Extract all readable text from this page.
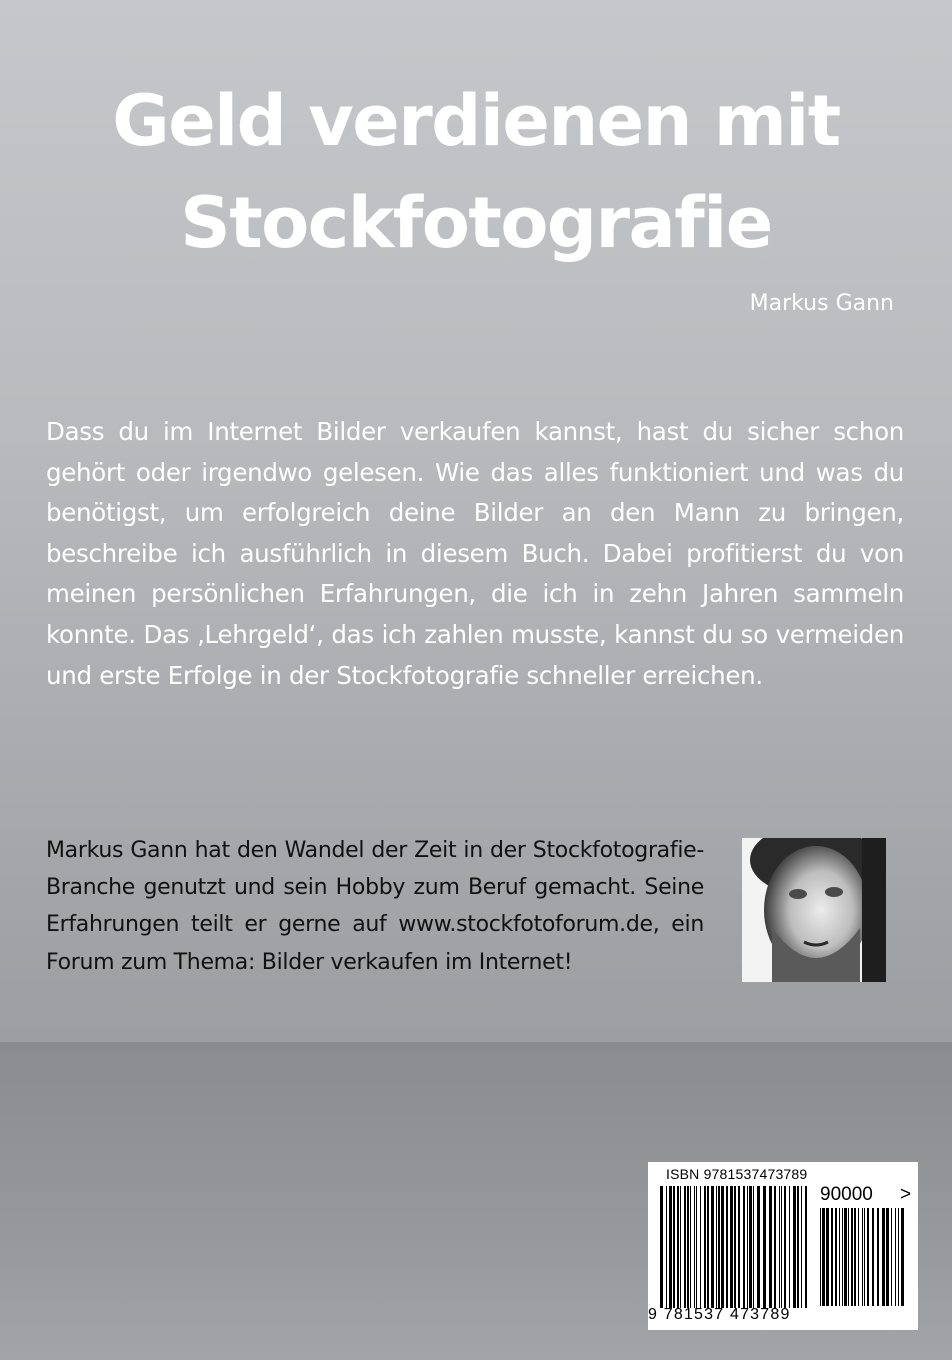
Geld verdienen mit
Stockfotografie
Markus Gann

Dass du im Internet Bilder verkaufen kannst, hast du sicher schon gehört oder irgendwo gelesen. Wie das alles funktioniert und was du benötigst, um erfolgreich deine Bilder an den Mann zu bringen, beschreibe ich ausführlich in diesem Buch. Dabei profitierst du von meinen persönlichen Erfahrungen, die ich in zehn Jahren sammeln konnte. Das ‚Lehrgeld‘, das ich zahlen musste, kannst du so vermeiden und erste Erfolge in der Stockfotografie schneller erreichen.

Markus Gann hat den Wandel der Zeit in der Stockfotografie-Branche genutzt und sein Hobby zum Beruf gemacht. Seine Erfahrungen teilt er gerne auf www.stockfotoforum.de, ein Forum zum Thema: Bilder verkaufen im Internet!

ISBN 9781537473789
90000 >
9 781537 473789
